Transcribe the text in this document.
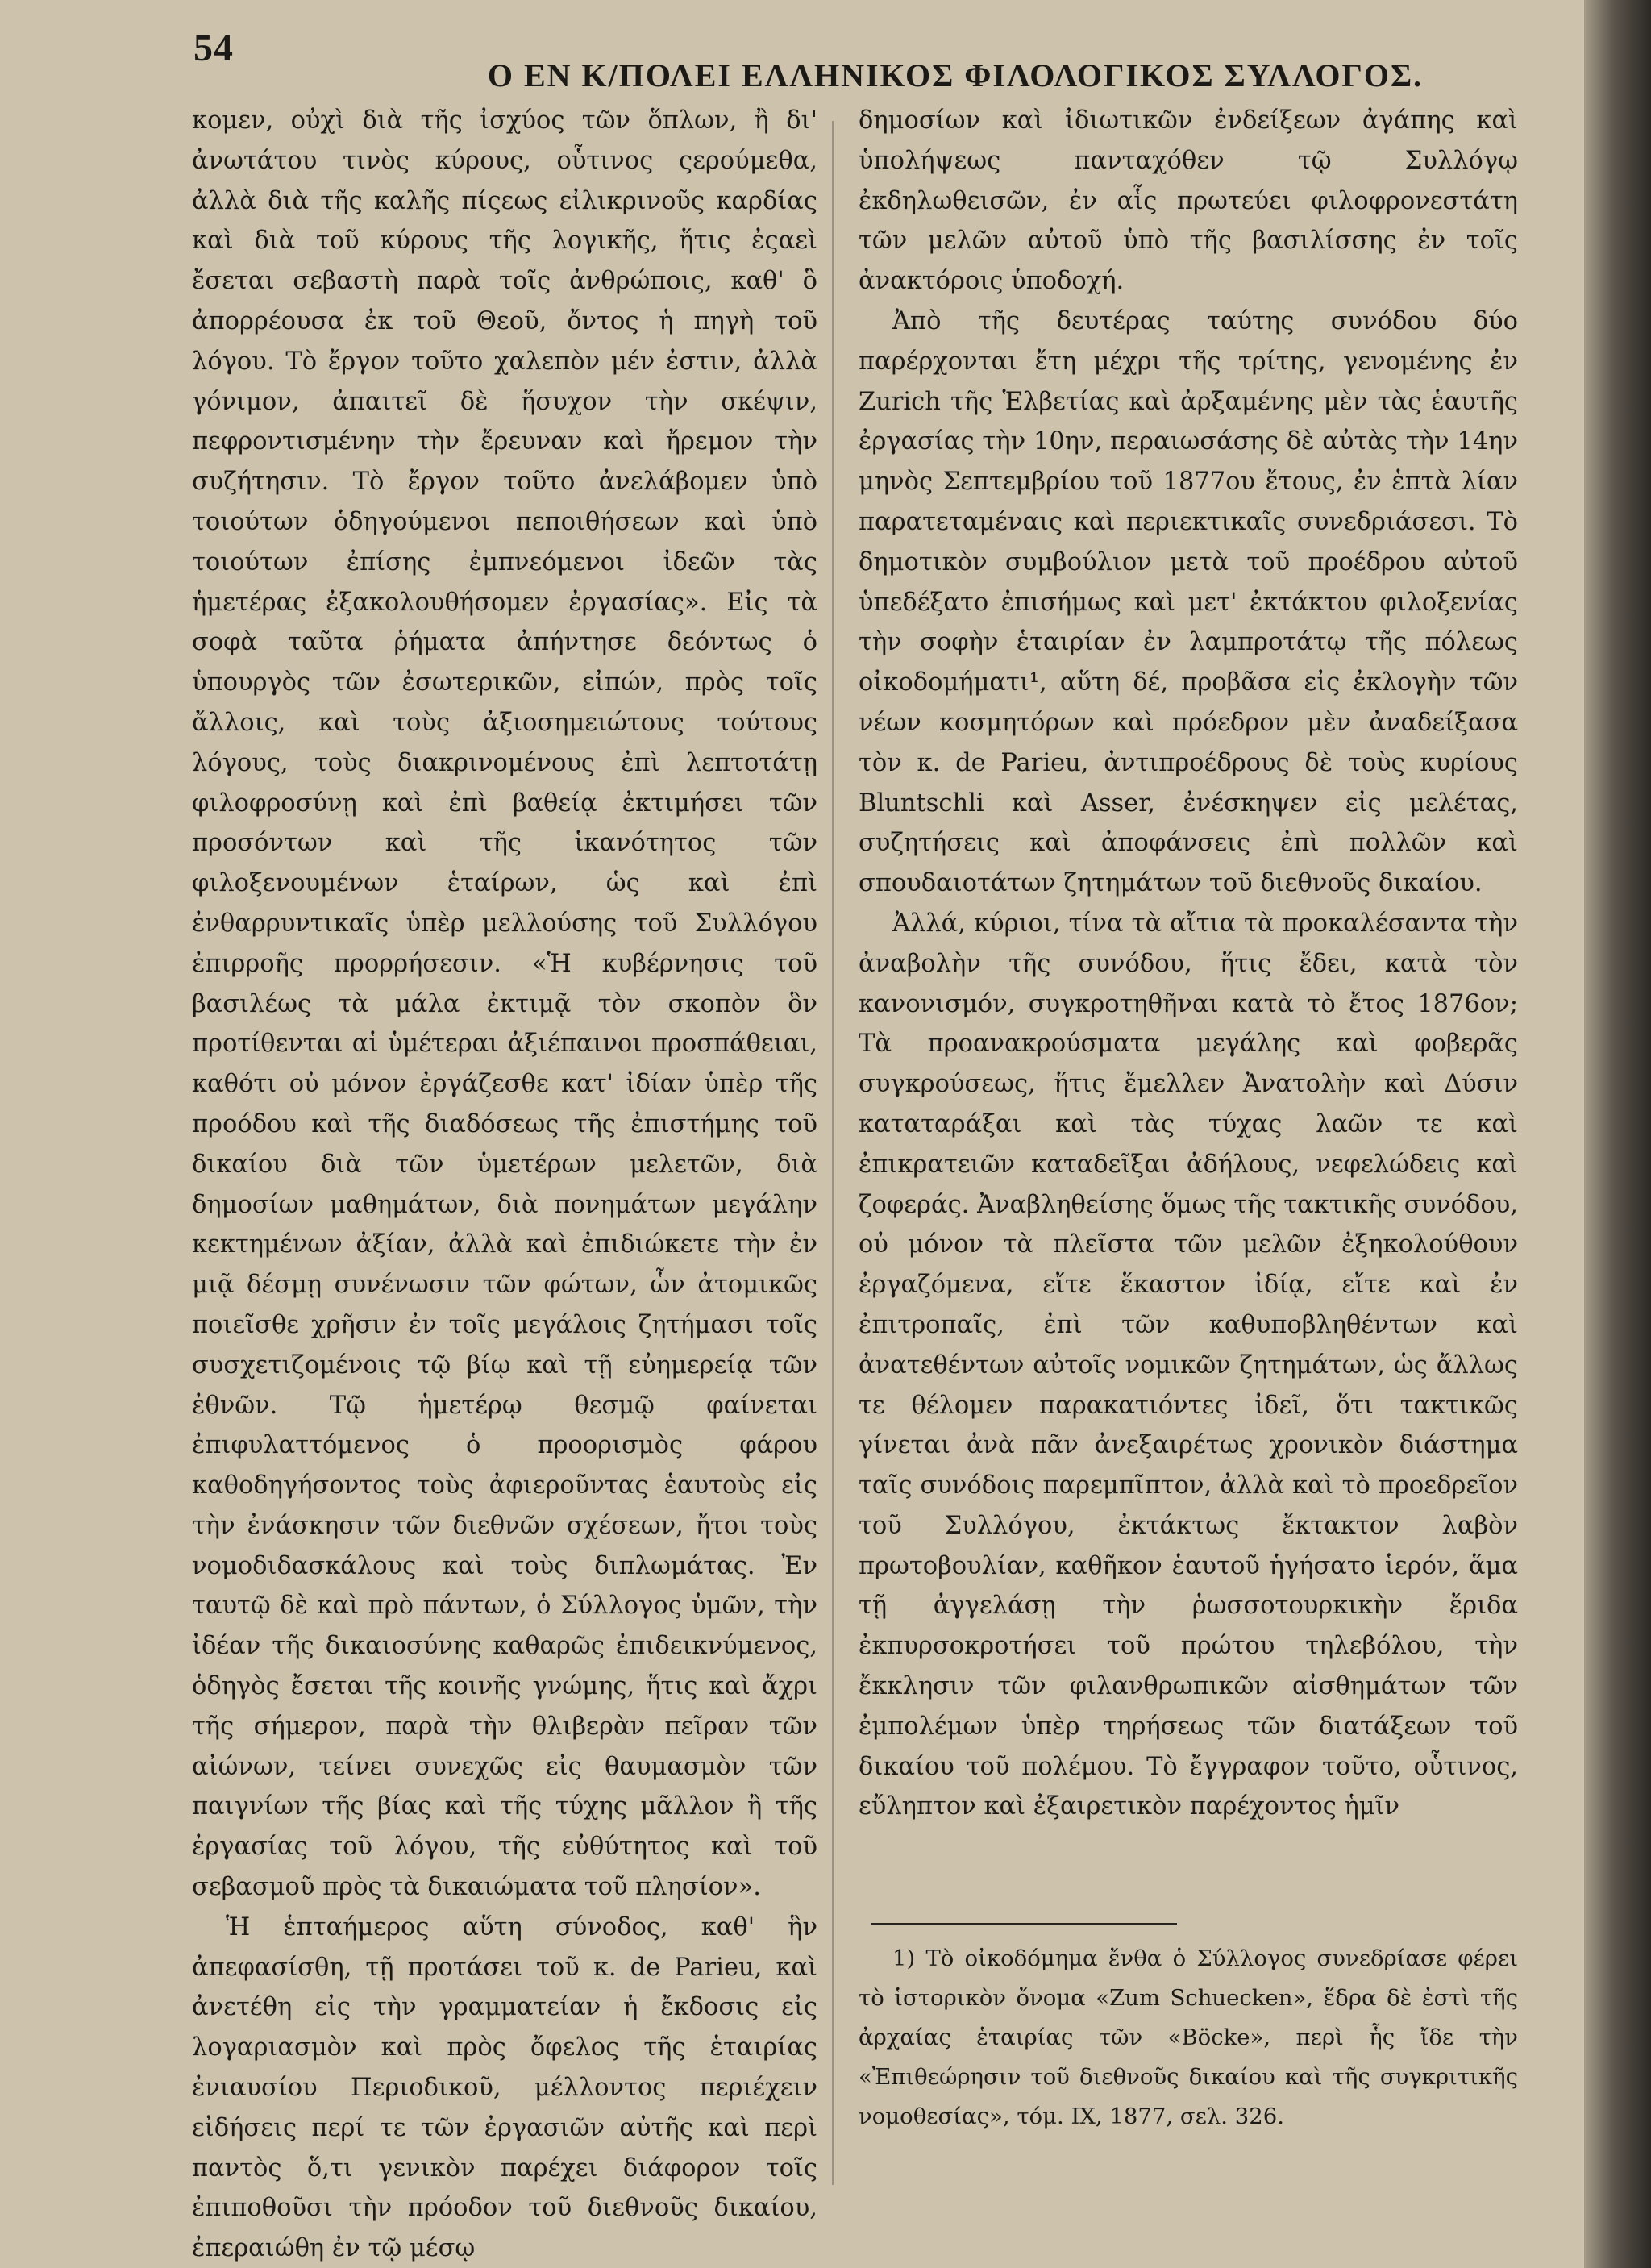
54
Ο ΕΝ Κ/ΠΟΛΕΙ ΕΛΛΗΝΙΚΟΣ ΦΙΛΟΛΟΓΙΚΟΣ ΣΥΛΛΟΓΟΣ.

κομεν, οὐχὶ διὰ τῆς ἰσχύος τῶν ὅπλων, ἢ δι' ἀνωτάτου τινὸς κύρους, οὗτινος ςερούμεθα, ἀλλὰ διὰ τῆς καλῆς πίςεως εἰλικρινοῦς καρδίας καὶ διὰ τοῦ κύρους τῆς λογικῆς, ἥτις ἐςαεὶ ἔσεται σεβαστὴ παρὰ τοῖς ἀνθρώποις, καθ' ὃ ἀπορρέουσα ἐκ τοῦ Θεοῦ, ὄντος ἡ πηγὴ τοῦ λόγου. Τὸ ἔργον τοῦτο χαλεπὸν μέν ἐστιν, ἀλλὰ γόνιμον, ἀπαιτεῖ δὲ ἥσυχον τὴν σκέψιν, πεφροντισμένην τὴν ἔρευναν καὶ ἤρεμον τὴν συζήτησιν. Τὸ ἔργον τοῦτο ἀνελάβομεν ὑπὸ τοιούτων ὁδηγούμενοι πεποιθήσεων καὶ ὑπὸ τοιούτων ἐπίσης ἐμπνεόμενοι ἰδεῶν τὰς ἡμετέρας ἐξακολουθήσομεν ἐργασίας». Εἰς τὰ σοφὰ ταῦτα ῥήματα ἀπήντησε δεόντως ὁ ὑπουργὸς τῶν ἐσωτερικῶν, εἰπών, πρὸς τοῖς ἄλλοις, καὶ τοὺς ἀξιοσημειώτους τούτους λόγους, τοὺς διακρινομένους ἐπὶ λεπτοτάτῃ φιλοφροσύνῃ καὶ ἐπὶ βαθείᾳ ἐκτιμήσει τῶν προσόντων καὶ τῆς ἱκανότητος τῶν φιλοξενουμένων ἑταίρων, ὡς καὶ ἐπὶ ἐνθαρρυντικαῖς ὑπὲρ μελλούσης τοῦ Συλλόγου ἐπιρροῆς προρρήσεσιν. «Ἡ κυβέρνησις τοῦ βασιλέως τὰ μάλα ἐκτιμᾷ τὸν σκοπὸν ὃν προτίθενται αἱ ὑμέτεραι ἀξιέπαινοι προσπάθειαι, καθότι οὐ μόνον ἐργάζεσθε κατ' ἰδίαν ὑπὲρ τῆς προόδου καὶ τῆς διαδόσεως τῆς ἐπιστήμης τοῦ δικαίου διὰ τῶν ὑμετέρων μελετῶν, διὰ δημοσίων μαθημάτων, διὰ πονημάτων μεγάλην κεκτημένων ἀξίαν, ἀλλὰ καὶ ἐπιδιώκετε τὴν ἐν μιᾷ δέσμῃ συνένωσιν τῶν φώτων, ὧν ἀτομικῶς ποιεῖσθε χρῆσιν ἐν τοῖς μεγάλοις ζητήμασι τοῖς συσχετιζομένοις τῷ βίῳ καὶ τῇ εὐημερείᾳ τῶν ἐθνῶν. Τῷ ἡμετέρῳ θεσμῷ φαίνεται ἐπιφυλαττόμενος ὁ προορισμὸς φάρου καθοδηγήσοντος τοὺς ἀφιεροῦντας ἑαυτοὺς εἰς τὴν ἐνάσκησιν τῶν διεθνῶν σχέσεων, ἤτοι τοὺς νομοδιδασκάλους καὶ τοὺς διπλωμάτας. Ἐν ταυτῷ δὲ καὶ πρὸ πάντων, ὁ Σύλλογος ὑμῶν, τὴν ἰδέαν τῆς δικαιοσύνης καθαρῶς ἐπιδεικνύμενος, ὁδηγὸς ἔσεται τῆς κοινῆς γνώμης, ἥτις καὶ ἄχρι τῆς σήμερον, παρὰ τὴν θλιβερὰν πεῖραν τῶν αἰώνων, τείνει συνεχῶς εἰς θαυμασμὸν τῶν παιγνίων τῆς βίας καὶ τῆς τύχης μᾶλλον ἢ τῆς ἐργασίας τοῦ λόγου, τῆς εὐθύτητος καὶ τοῦ σεβασμοῦ πρὸς τὰ δικαιώματα τοῦ πλησίον».

Ἡ ἑπταήμερος αὕτη σύνοδος, καθ' ἣν ἀπεφασίσθη, τῇ προτάσει τοῦ κ. de Parieu, καὶ ἀνετέθη εἰς τὴν γραμματείαν ἡ ἔκδοσις εἰς λογαριασμὸν καὶ πρὸς ὄφελος τῆς ἑταιρίας ἐνιαυσίου Περιοδικοῦ, μέλλοντος περιέχειν εἰδήσεις περί τε τῶν ἐργασιῶν αὐτῆς καὶ περὶ παντὸς ὅ,τι γενικὸν παρέχει διάφορον τοῖς ἐπιποθοῦσι τὴν πρόοδον τοῦ διεθνοῦς δικαίου, ἐπεραιώθη ἐν τῷ μέσῳ

δημοσίων καὶ ἰδιωτικῶν ἐνδείξεων ἀγάπης καὶ ὑπολήψεως πανταχόθεν τῷ Συλλόγῳ ἐκδηλωθεισῶν, ἐν αἷς πρωτεύει φιλοφρονεστάτη τῶν μελῶν αὐτοῦ ὑπὸ τῆς βασιλίσσης ἐν τοῖς ἀνακτόροις ὑποδοχή.

Ἀπὸ τῆς δευτέρας ταύτης συνόδου δύο παρέρχονται ἔτη μέχρι τῆς τρίτης, γενομένης ἐν Zurich τῆς Ἑλβετίας καὶ ἀρξαμένης μὲν τὰς ἑαυτῆς ἐργασίας τὴν 10ην, περαιωσάσης δὲ αὐτὰς τὴν 14ην μηνὸς Σεπτεμβρίου τοῦ 1877ου ἔτους, ἐν ἑπτὰ λίαν παρατεταμέναις καὶ περιεκτικαῖς συνεδριάσεσι. Τὸ δημοτικὸν συμβούλιον μετὰ τοῦ προέδρου αὐτοῦ ὑπεδέξατο ἐπισήμως καὶ μετ' ἐκτάκτου φιλοξενίας τὴν σοφὴν ἑταιρίαν ἐν λαμπροτάτῳ τῆς πόλεως οἰκοδομήματι¹, αὕτη δέ, προβᾶσα εἰς ἐκλογὴν τῶν νέων κοσμητόρων καὶ πρόεδρον μὲν ἀναδείξασα τὸν κ. de Parieu, ἀντιπροέδρους δὲ τοὺς κυρίους Bluntschli καὶ Asser, ἐνέσκηψεν εἰς μελέτας, συζητήσεις καὶ ἀποφάνσεις ἐπὶ πολλῶν καὶ σπουδαιοτάτων ζητημάτων τοῦ διεθνοῦς δικαίου.

Ἀλλά, κύριοι, τίνα τὰ αἴτια τὰ προκαλέσαντα τὴν ἀναβολὴν τῆς συνόδου, ἥτις ἔδει, κατὰ τὸν κανονισμόν, συγκροτηθῆναι κατὰ τὸ ἔτος 1876ον; Τὰ προανακρούσματα μεγάλης καὶ φοβερᾶς συγκρούσεως, ἥτις ἔμελλεν Ἀνατολὴν καὶ Δύσιν καταταράξαι καὶ τὰς τύχας λαῶν τε καὶ ἐπικρατειῶν καταδεῖξαι ἀδήλους, νεφελώδεις καὶ ζοφεράς. Ἀναβληθείσης ὅμως τῆς τακτικῆς συνόδου, οὐ μόνον τὰ πλεῖστα τῶν μελῶν ἐξηκολούθουν ἐργαζόμενα, εἴτε ἕκαστον ἰδίᾳ, εἴτε καὶ ἐν ἐπιτροπαῖς, ἐπὶ τῶν καθυποβληθέντων καὶ ἀνατεθέντων αὐτοῖς νομικῶν ζητημάτων, ὡς ἄλλως τε θέλομεν παρακατιόντες ἰδεῖ, ὅτι τακτικῶς γίνεται ἀνὰ πᾶν ἀνεξαιρέτως χρονικὸν διάστημα ταῖς συνόδοις παρεμπῖπτον, ἀλλὰ καὶ τὸ προεδρεῖον τοῦ Συλλόγου, ἐκτάκτως ἔκτακτον λαβὸν πρωτοβουλίαν, καθῆκον ἑαυτοῦ ἡγήσατο ἱερόν, ἅμα τῇ ἀγγελάσῃ τὴν ῥωσσοτουρκικὴν ἔριδα ἐκπυρσοκροτήσει τοῦ πρώτου τηλεβόλου, τὴν ἔκκλησιν τῶν φιλανθρωπικῶν αἰσθημάτων τῶν ἐμπολέμων ὑπὲρ τηρήσεως τῶν διατάξεων τοῦ δικαίου τοῦ πολέμου. Τὸ ἔγγραφον τοῦτο, οὗτινος, εὔληπτον καὶ ἐξαιρετικὸν παρέχοντος ἡμῖν

1) Τὸ οἰκοδόμημα ἔνθα ὁ Σύλλογος συνεδρίασε φέρει τὸ ἱστορικὸν ὄνομα «Zum Schuecken», ἕδρα δὲ ἐστὶ τῆς ἀρχαίας ἑταιρίας τῶν «Böcke», περὶ ἧς ἴδε τὴν «Ἐπιθεώρησιν τοῦ διεθνοῦς δικαίου καὶ τῆς συγκριτικῆς νομοθεσίας», τόμ. IX, 1877, σελ. 326.
